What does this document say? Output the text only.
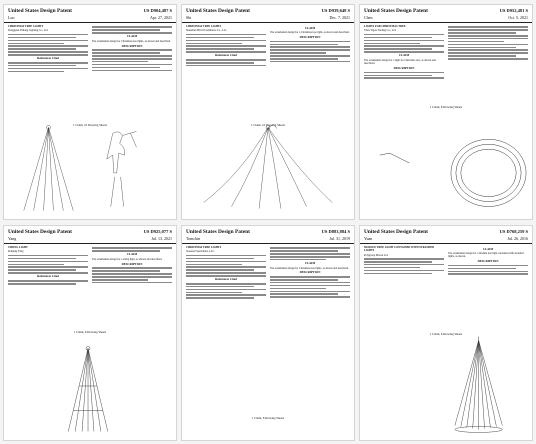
United States Design Patent	US D904,487 S
Luo	Apr. 27, 2021
CHRISTMAS TREE LIGHTS
Dongguan Yuliang Lighting Co., Ltd.
References Cited
CLAIM
The ornamental design for Christmas tree lights, as shown and described.
DESCRIPTION
1 Claim, 10 Drawing Sheets
United States Design Patent	US D939,648 S
Shi	Dec. 7, 2021
CHRISTMAS TREE LIGHTS
Shenzhen Hirrz Ecommerce Co., Ltd.
References Cited
CLAIM
The ornamental design for a Christmas tree light, as shown and described.
DESCRIPTION
1 Claim, 10 Drawing Sheets
United States Design Patent	US D952,481 S
Chen	Oct. 5, 2021
LIGHTS FOR CHRISTMAS TREE
Yiwu Yigou Trading Co., Ltd.
CLAIM
The ornamental design for a light for Christmas tree, as shown and described.
DESCRIPTION
1 Claim, 8 Drawing Sheets
United States Design Patent	US D925,077 S
Yang	Jul. 13, 2021
STRING LIGHT
Peiqiang Fang
References Cited
CLAIM
The ornamental design for a string light, as shown and described.
DESCRIPTION
1 Claim, 6 Drawing Sheets
United States Design Patent	US D883,884 S
Tomchin	Jul. 31, 2019
CHRISTMAS TREE LIGHTS
Seasonal Specialties, LLC
References Cited
CLAIM
The ornamental design for Christmas tree lights, as shown and described.
DESCRIPTION
1 Claim, 8 Drawing Sheets
United States Design Patent	US D768,259 S
Yuan	Jul. 26, 2016
MODULE TREE LIGHT CONTAINED WITH STRANDED LIGHTS
Polygroup Macau Ltd.
CLAIM
The ornamental design for a module tree light contained with stranded lights, as shown.
DESCRIPTION
1 Claim, 6 Drawing Sheets
